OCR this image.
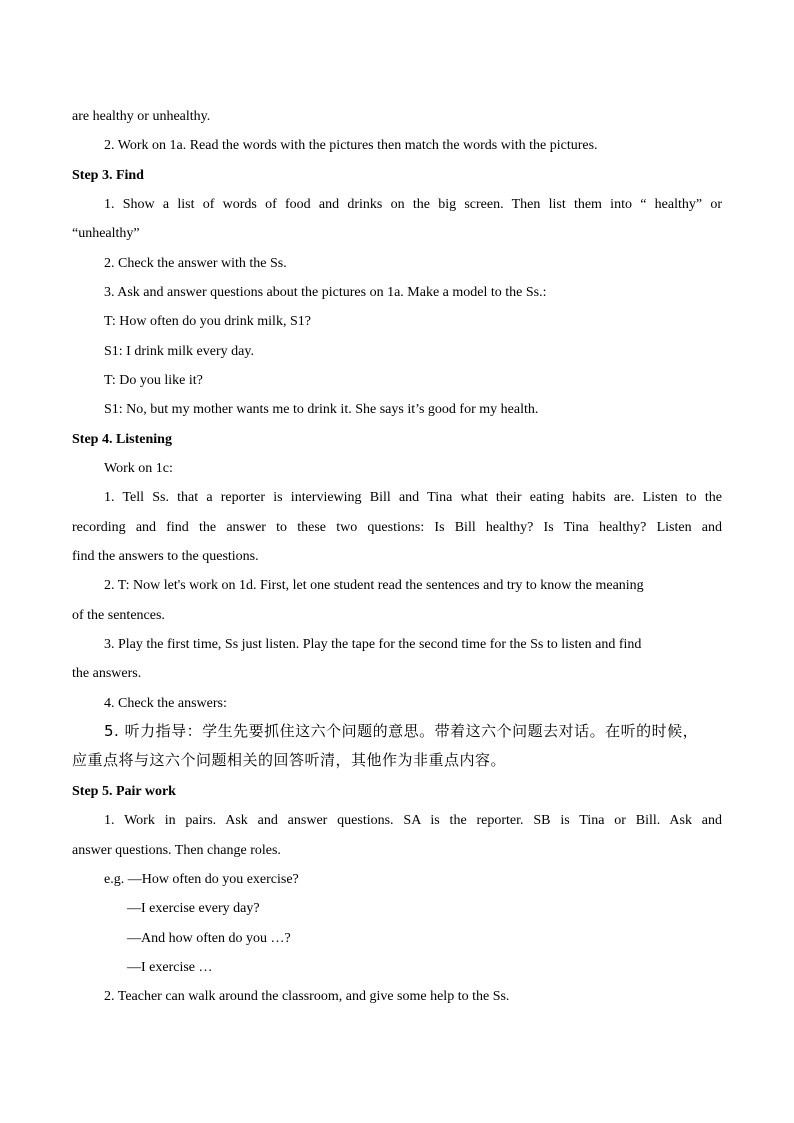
are healthy or unhealthy.
2. Work on 1a. Read the words with the pictures then match the words with the pictures.
Step 3. Find
1. Show a list of words of food and drinks on the big screen. Then list them into “ healthy” or
“unhealthy”
2. Check the answer with the Ss.
3. Ask and answer questions about the pictures on 1a. Make a model to the Ss.:
T: How often do you drink milk, S1?
S1: I drink milk every day.
T: Do you like it?
S1: No, but my mother wants me to drink it. She says it’s good for my health.
Step 4. Listening
Work on 1c:
1. Tell Ss. that a reporter is interviewing Bill and Tina what their eating habits are. Listen to the
recording and find the answer to these two questions: Is Bill healthy? Is Tina healthy? Listen and
find the answers to the questions.
2. T: Now let's work on 1d. First, let one student read the sentences and try to know the meaning
of the sentences.
3. Play the first time, Ss just listen. Play the tape for the second time for the Ss to listen and find
the answers.
4. Check the answers:
5. 听力指导：学生先要抓住这六个问题的意思。带着这六个问题去对话。在听的时候，
应重点将与这六个问题相关的回答听清，其他作为非重点内容。
Step 5. Pair work
1. Work in pairs. Ask and answer questions. SA is the reporter. SB is Tina or Bill. Ask and
answer questions. Then change roles.
e.g. —How often do you exercise?
—I exercise every day?
—And how often do you …?
—I exercise …
2. Teacher can walk around the classroom, and give some help to the Ss.
